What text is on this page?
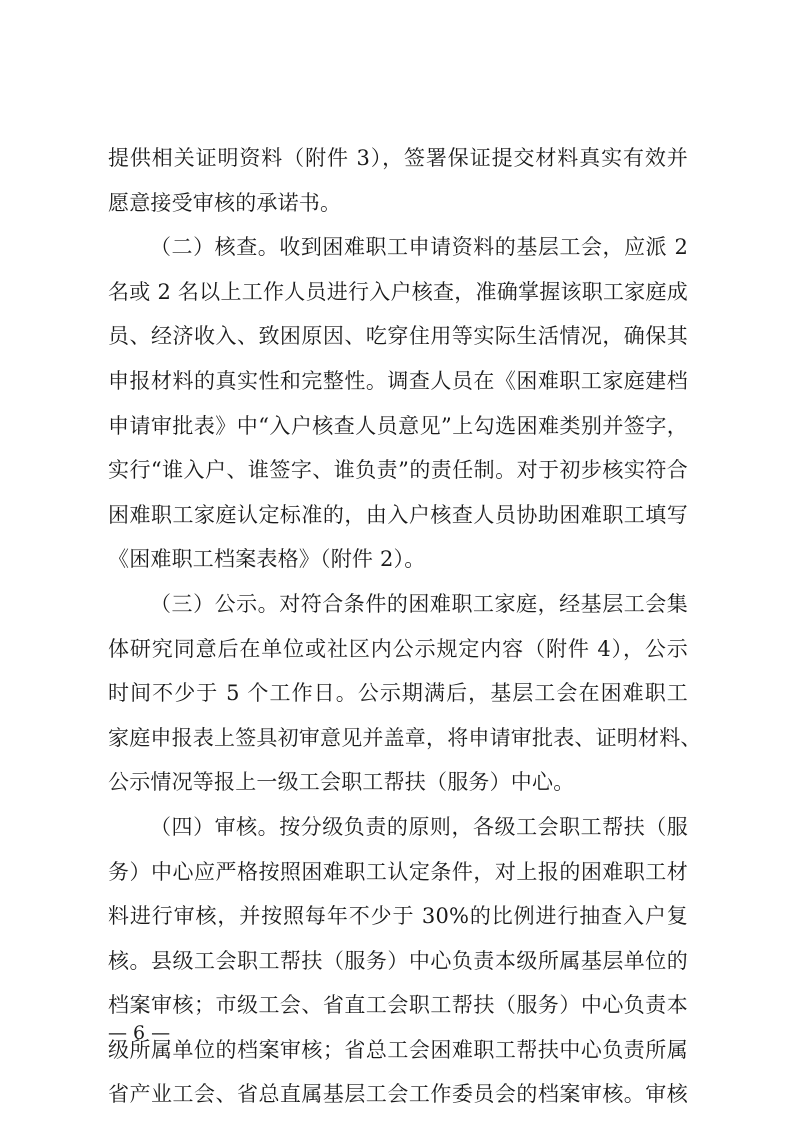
提供相关证明资料（附件 3），签署保证提交材料真实有效并
愿意接受审核的承诺书。
（二）核查。收到困难职工申请资料的基层工会，应派 2
名或 2 名以上工作人员进行入户核查，准确掌握该职工家庭成
员、经济收入、致困原因、吃穿住用等实际生活情况，确保其
申报材料的真实性和完整性。调查人员在《困难职工家庭建档
申请审批表》中“入户核查人员意见”上勾选困难类别并签字，
实行“谁入户、谁签字、谁负责”的责任制。对于初步核实符合
困难职工家庭认定标准的，由入户核查人员协助困难职工填写
《困难职工档案表格》（附件 2）。
（三）公示。对符合条件的困难职工家庭，经基层工会集
体研究同意后在单位或社区内公示规定内容（附件 4），公示
时间不少于 5 个工作日。公示期满后，基层工会在困难职工
家庭申报表上签具初审意见并盖章，将申请审批表、证明材料、
公示情况等报上一级工会职工帮扶（服务）中心。
（四）审核。按分级负责的原则，各级工会职工帮扶（服
务）中心应严格按照困难职工认定条件，对上报的困难职工材
料进行审核，并按照每年不少于 30%的比例进行抽查入户复
核。县级工会职工帮扶（服务）中心负责本级所属基层单位的
档案审核；市级工会、省直工会职工帮扶（服务）中心负责本
级所属单位的档案审核；省总工会困难职工帮扶中心负责所属
省产业工会、省总直属基层工会工作委员会的档案审核。审核
— 6 —
